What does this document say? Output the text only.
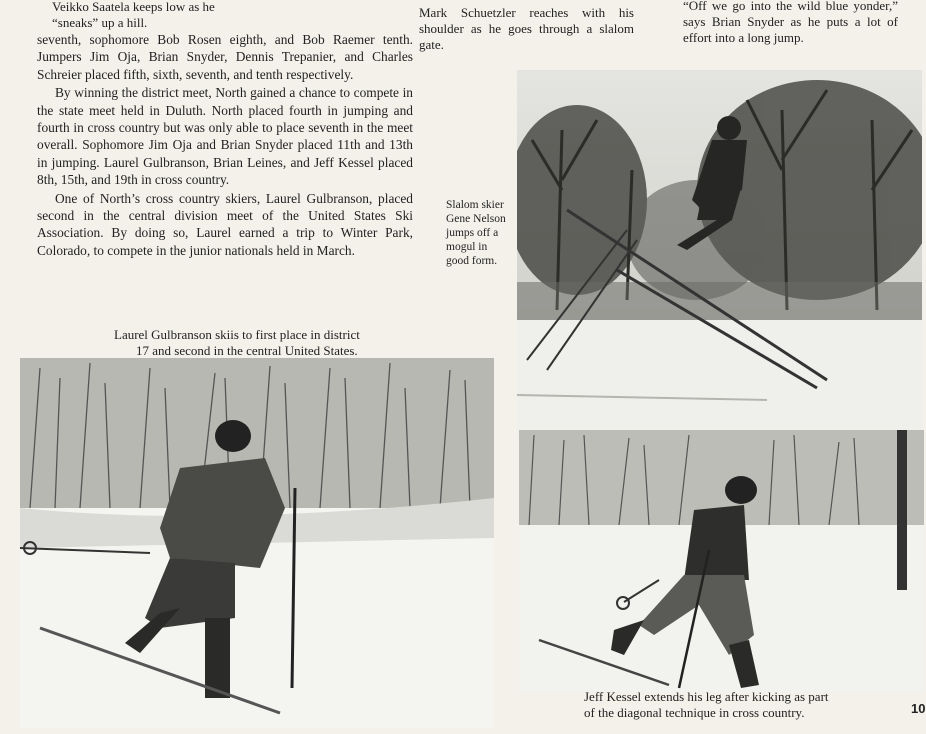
Veikko Saatela keeps low as he
“sneaks” up a hill.

seventh, sophomore Bob Rosen eighth, and Bob Raemer tenth. Jumpers Jim Oja, Brian Snyder, Dennis Trepanier, and Charles Schreier placed fifth, sixth, seventh, and tenth respectively.

By winning the district meet, North gained a chance to compete in the state meet held in Duluth. North placed fourth in jumping and fourth in cross country but was only able to place seventh in the meet overall. Sophomore Jim Oja and Brian Snyder placed 11th and 13th in jumping. Laurel Gulbranson, Brian Leines, and Jeff Kessel placed 8th, 15th, and 19th in cross country.

One of North’s cross country skiers, Laurel Gulbranson, placed second in the central division meet of the United States Ski Association. By doing so, Laurel earned a trip to Winter Park, Colorado, to compete in the junior nationals held in March.

Laurel Gulbranson skiis to first place in district
17 and second in the central United States.
Mark Schuetzler reaches with his shoulder as he goes through a slalom gate.
“Off we go into the wild blue yonder,” says Brian Snyder as he puts a lot of effort into a long jump.
Slalom skier
Gene Nelson
jumps off a
mogul in
good form.
Jeff Kessel extends his leg after kicking as part
of the diagonal technique in cross country.	10
